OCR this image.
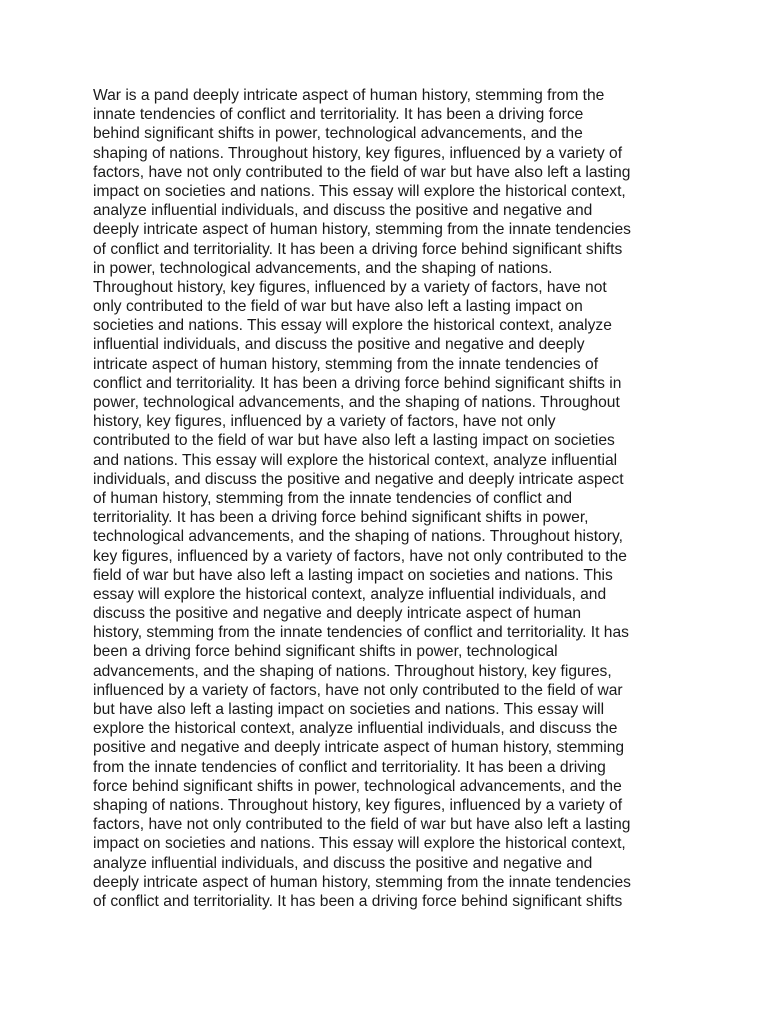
War is a pand deeply intricate aspect of human history, stemming from the
innate tendencies of conflict and territoriality. It has been a driving force
behind significant shifts in power, technological advancements, and the
shaping of nations. Throughout history, key figures, influenced by a variety of
factors, have not only contributed to the field of war but have also left a lasting
impact on societies and nations. This essay will explore the historical context,
analyze influential individuals, and discuss the positive and negative and
deeply intricate aspect of human history, stemming from the innate tendencies
of conflict and territoriality. It has been a driving force behind significant shifts
in power, technological advancements, and the shaping of nations.
Throughout history, key figures, influenced by a variety of factors, have not
only contributed to the field of war but have also left a lasting impact on
societies and nations. This essay will explore the historical context, analyze
influential individuals, and discuss the positive and negative and deeply
intricate aspect of human history, stemming from the innate tendencies of
conflict and territoriality. It has been a driving force behind significant shifts in
power, technological advancements, and the shaping of nations. Throughout
history, key figures, influenced by a variety of factors, have not only
contributed to the field of war but have also left a lasting impact on societies
and nations. This essay will explore the historical context, analyze influential
individuals, and discuss the positive and negative and deeply intricate aspect
of human history, stemming from the innate tendencies of conflict and
territoriality. It has been a driving force behind significant shifts in power,
technological advancements, and the shaping of nations. Throughout history,
key figures, influenced by a variety of factors, have not only contributed to the
field of war but have also left a lasting impact on societies and nations. This
essay will explore the historical context, analyze influential individuals, and
discuss the positive and negative and deeply intricate aspect of human
history, stemming from the innate tendencies of conflict and territoriality. It has
been a driving force behind significant shifts in power, technological
advancements, and the shaping of nations. Throughout history, key figures,
influenced by a variety of factors, have not only contributed to the field of war
but have also left a lasting impact on societies and nations. This essay will
explore the historical context, analyze influential individuals, and discuss the
positive and negative and deeply intricate aspect of human history, stemming
from the innate tendencies of conflict and territoriality. It has been a driving
force behind significant shifts in power, technological advancements, and the
shaping of nations. Throughout history, key figures, influenced by a variety of
factors, have not only contributed to the field of war but have also left a lasting
impact on societies and nations. This essay will explore the historical context,
analyze influential individuals, and discuss the positive and negative and
deeply intricate aspect of human history, stemming from the innate tendencies
of conflict and territoriality. It has been a driving force behind significant shifts
